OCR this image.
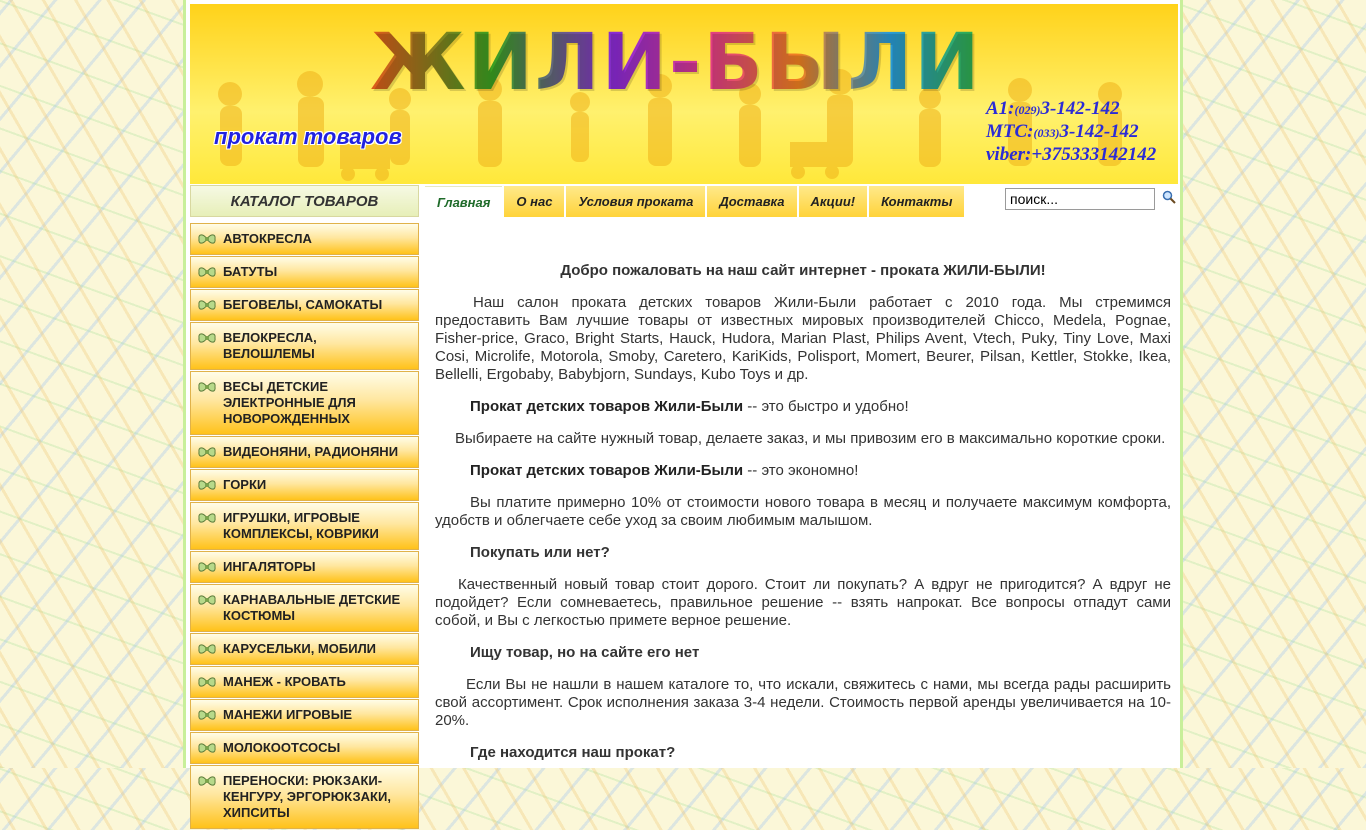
ЖИЛИ-БЫЛИ
прокат товаров
A1:(029)3-142-142
МТС:(033)3-142-142
viber:+375333142142
КАТАЛОГ ТОВАРОВ	Главная	О нас	Условия проката	Доставка	Акции!	Контакты
поиск...
АВТОКРЕСЛА
БАТУТЫ
БЕГОВЕЛЫ, САМОКАТЫ
ВЕЛОКРЕСЛА, ВЕЛОШЛЕМЫ
ВЕСЫ ДЕТСКИЕ ЭЛЕКТРОННЫЕ ДЛЯ НОВОРОЖДЕННЫХ
ВИДЕОНЯНИ, РАДИОНЯНИ
ГОРКИ
ИГРУШКИ, ИГРОВЫЕ КОМПЛЕКСЫ, КОВРИКИ
ИНГАЛЯТОРЫ
КАРНАВАЛЬНЫЕ ДЕТСКИЕ КОСТЮМЫ
КАРУСЕЛЬКИ, МОБИЛИ
МАНЕЖ - КРОВАТЬ
МАНЕЖИ ИГРОВЫЕ
МОЛОКООТСОСЫ
ПЕРЕНОСКИ: РЮКЗАКИ-КЕНГУРУ, ЭРГОРЮКЗАКИ, ХИПСИТЫ
Добро пожаловать на наш сайт интернет - проката ЖИЛИ-БЫЛИ!

Наш салон проката детских товаров Жили-Были работает с 2010 года. Мы стремимся предоставить Вам лучшие товары от известных мировых производителей Chicco, Medela, Pognae, Fisher-price, Graco, Bright Starts, Hauck, Hudora, Marian Plast, Philips Avent, Vtech, Puky, Tiny Love, Maxi Cosi, Microlife, Motorola, Smoby, Caretero, KariKids, Polisport, Momert, Beurer, Pilsan, Kettler, Stokke, Ikea, Bellelli, Ergobaby, Babybjorn, Sundays, Kubo Toys и др.

Прокат детских товаров Жили-Были -- это быстро и удобно!

Выбираете на сайте нужный товар, делаете заказ, и мы привозим его в максимально короткие сроки.

Прокат детских товаров Жили-Были -- это экономно!

Вы платите примерно 10% от стоимости нового товара в месяц и получаете максимум комфорта, удобств и облегчаете себе уход за своим любимым малышом.

Покупать или нет?

Качественный новый товар стоит дорого. Стоит ли покупать? А вдруг не пригодится? А вдруг не подойдет? Если сомневаетесь, правильное решение -- взять напрокат. Все вопросы отпадут сами собой, и Вы с легкостью примете верное решение.

Ищу товар, но на сайте его нет

Если Вы не нашли в нашем каталоге то, что искали, свяжитесь с нами, мы всегда рады расширить свой ассортимент. Срок исполнения заказа 3-4 недели. Стоимость первой аренды увеличивается на 10-20%.

Где находится наш прокат?
